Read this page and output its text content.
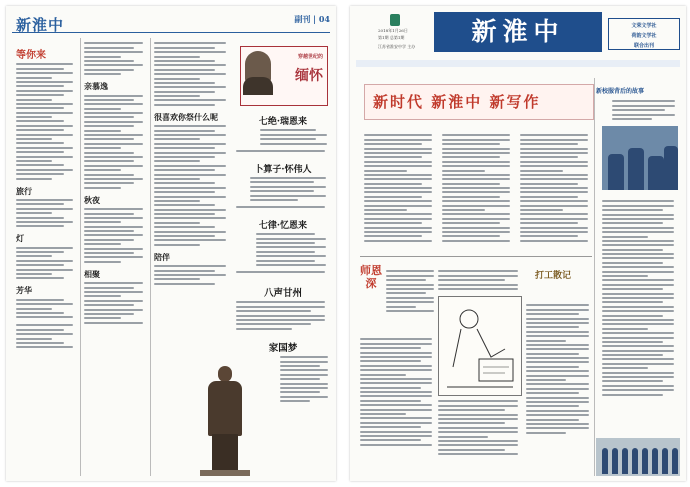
新淮中
	副刊 | 04
等你来
旅行
灯
芳华
亲慕逸
秋夜
相聚
很喜欢你祭什么呢
陪伴
穿越世纪的
缅怀
七绝·瑞恩来
卜算子·怀伟人
七律·忆恩来
八声甘州
家国梦
2018年1月26日
第1期 总第1期
江苏省淮安中学 主办
新淮中	文荣文学社
荷韵文学社
联合出刊

新时代 新淮中 新写作

新校服背后的故事

师恩深
打工散记
